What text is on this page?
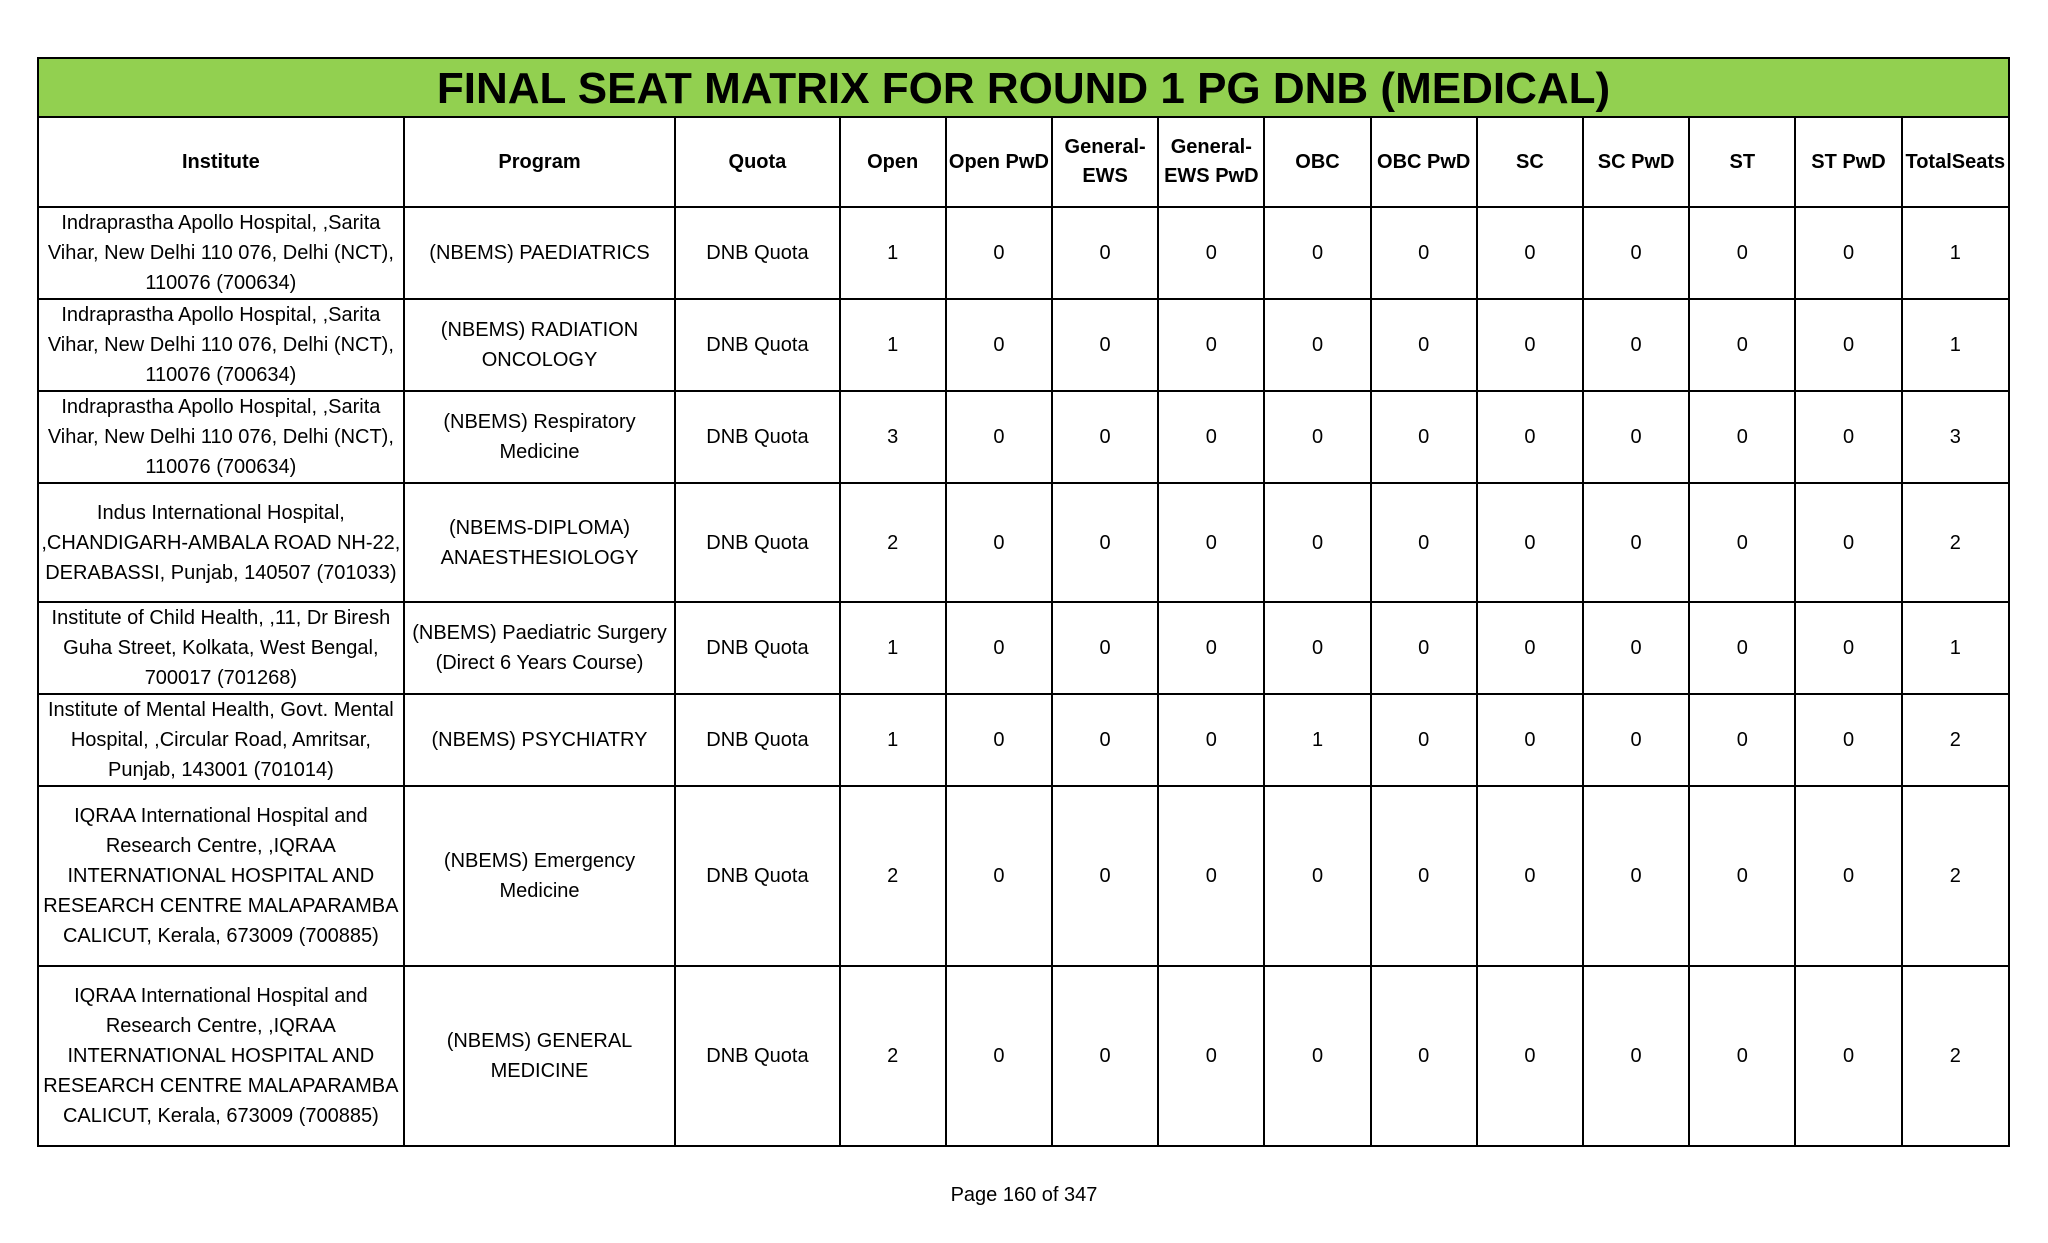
FINAL SEAT MATRIX FOR ROUND 1 PG DNB (MEDICAL)													
Institute	Program	Quota	Open	Open PwD	General-EWS	General-EWS PwD	OBC	OBC PwD	SC	SC PwD	ST	ST PwD	TotalSeats
Indraprastha Apollo Hospital, ,Sarita Vihar, New Delhi 110 076, Delhi (NCT), 110076 (700634)	(NBEMS) PAEDIATRICS	DNB Quota	1	0	0	0	0	0	0	0	0	0	1
Indraprastha Apollo Hospital, ,Sarita Vihar, New Delhi 110 076, Delhi (NCT), 110076 (700634)	(NBEMS) RADIATION ONCOLOGY	DNB Quota	1	0	0	0	0	0	0	0	0	0	1
Indraprastha Apollo Hospital, ,Sarita Vihar, New Delhi 110 076, Delhi (NCT), 110076 (700634)	(NBEMS) Respiratory Medicine	DNB Quota	3	0	0	0	0	0	0	0	0	0	3
Indus International Hospital, ,CHANDIGARH-AMBALA ROAD NH-22, DERABASSI, Punjab, 140507 (701033)	(NBEMS-DIPLOMA) ANAESTHESIOLOGY	DNB Quota	2	0	0	0	0	0	0	0	0	0	2
Institute of Child Health, ,11, Dr Biresh Guha Street, Kolkata, West Bengal, 700017 (701268)	(NBEMS) Paediatric Surgery (Direct 6 Years Course)	DNB Quota	1	0	0	0	0	0	0	0	0	0	1
Institute of Mental Health, Govt. Mental Hospital, ,Circular Road, Amritsar, Punjab, 143001 (701014)	(NBEMS) PSYCHIATRY	DNB Quota	1	0	0	0	1	0	0	0	0	0	2
IQRAA International Hospital and Research Centre, ,IQRAA INTERNATIONAL HOSPITAL AND RESEARCH CENTRE MALAPARAMBA CALICUT, Kerala, 673009 (700885)	(NBEMS) Emergency Medicine	DNB Quota	2	0	0	0	0	0	0	0	0	0	2
IQRAA International Hospital and Research Centre, ,IQRAA INTERNATIONAL HOSPITAL AND RESEARCH CENTRE MALAPARAMBA CALICUT, Kerala, 673009 (700885)	(NBEMS) GENERAL MEDICINE	DNB Quota	2	0	0	0	0	0	0	0	0	0	2
Page 160 of 347
